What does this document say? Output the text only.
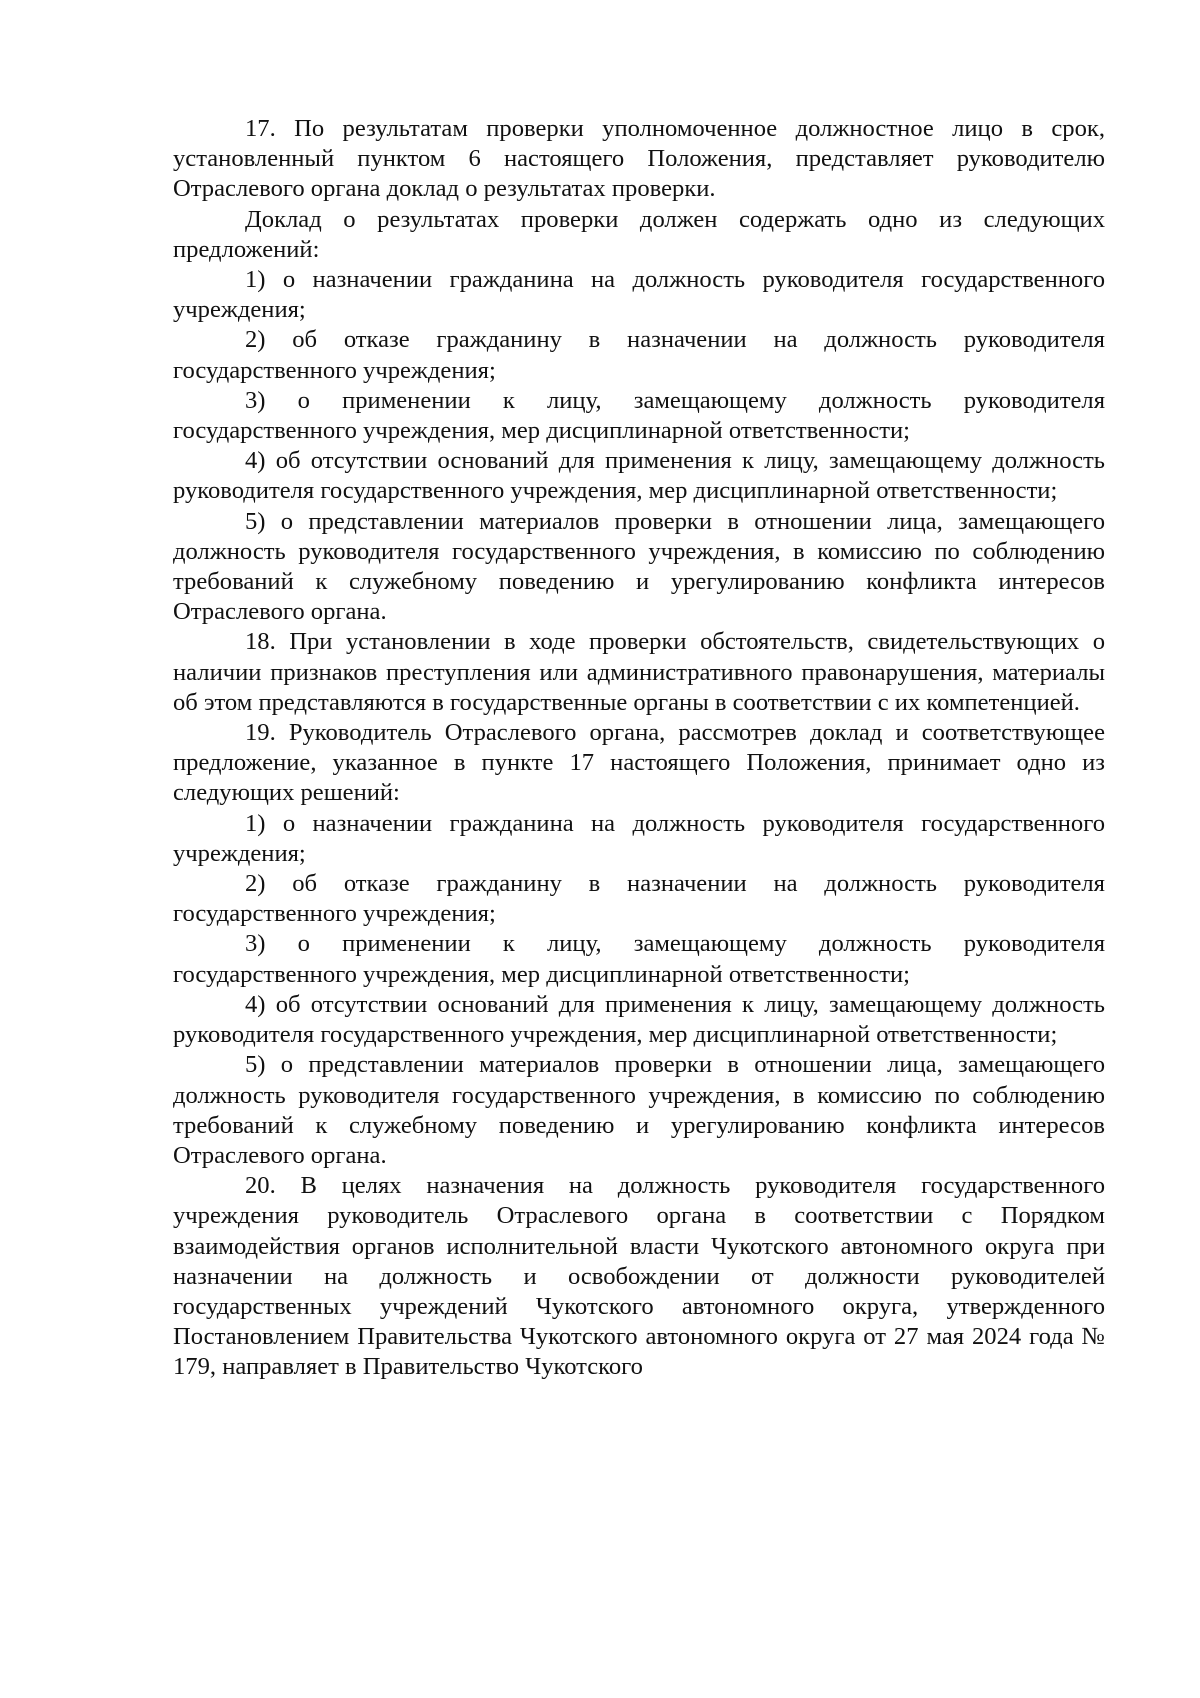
17. По результатам проверки уполномоченное должностное лицо в срок, установленный пунктом 6 настоящего Положения, представляет руководителю Отраслевого органа доклад о результатах проверки.

Доклад о результатах проверки должен содержать одно из следующих предложений:

1) о назначении гражданина на должность руководителя государственного учреждения;

2) об отказе гражданину в назначении на должность руководителя государственного учреждения;

3) о применении к лицу, замещающему должность руководителя государственного учреждения, мер дисциплинарной ответственности;

4) об отсутствии оснований для применения к лицу, замещающему должность руководителя государственного учреждения, мер дисциплинарной ответственности;

5) о представлении материалов проверки в отношении лица, замещающего должность руководителя государственного учреждения, в комиссию по соблюдению требований к служебному поведению и урегулированию конфликта интересов Отраслевого органа.

18. При установлении в ходе проверки обстоятельств, свидетельствующих о наличии признаков преступления или административного правонарушения, материалы об этом представляются в государственные органы в соответствии с их компетенцией.

19. Руководитель Отраслевого органа, рассмотрев доклад и соответствующее предложение, указанное в пункте 17 настоящего Положения, принимает одно из следующих решений:

1) о назначении гражданина на должность руководителя государственного учреждения;

2) об отказе гражданину в назначении на должность руководителя государственного учреждения;

3) о применении к лицу, замещающему должность руководителя государственного учреждения, мер дисциплинарной ответственности;

4) об отсутствии оснований для применения к лицу, замещающему должность руководителя государственного учреждения, мер дисциплинарной ответственности;

5) о представлении материалов проверки в отношении лица, замещающего должность руководителя государственного учреждения, в комиссию по соблюдению требований к служебному поведению и урегулированию конфликта интересов Отраслевого органа.

20. В целях назначения на должность руководителя государственного учреждения руководитель Отраслевого органа в соответствии с Порядком взаимодействия органов исполнительной власти Чукотского автономного округа при назначении на должность и освобождении от должности руководителей государственных учреждений Чукотского автономного округа, утвержденного Постановлением Правительства Чукотского автономного округа от 27 мая 2024 года № 179, направляет в Правительство Чукотского
